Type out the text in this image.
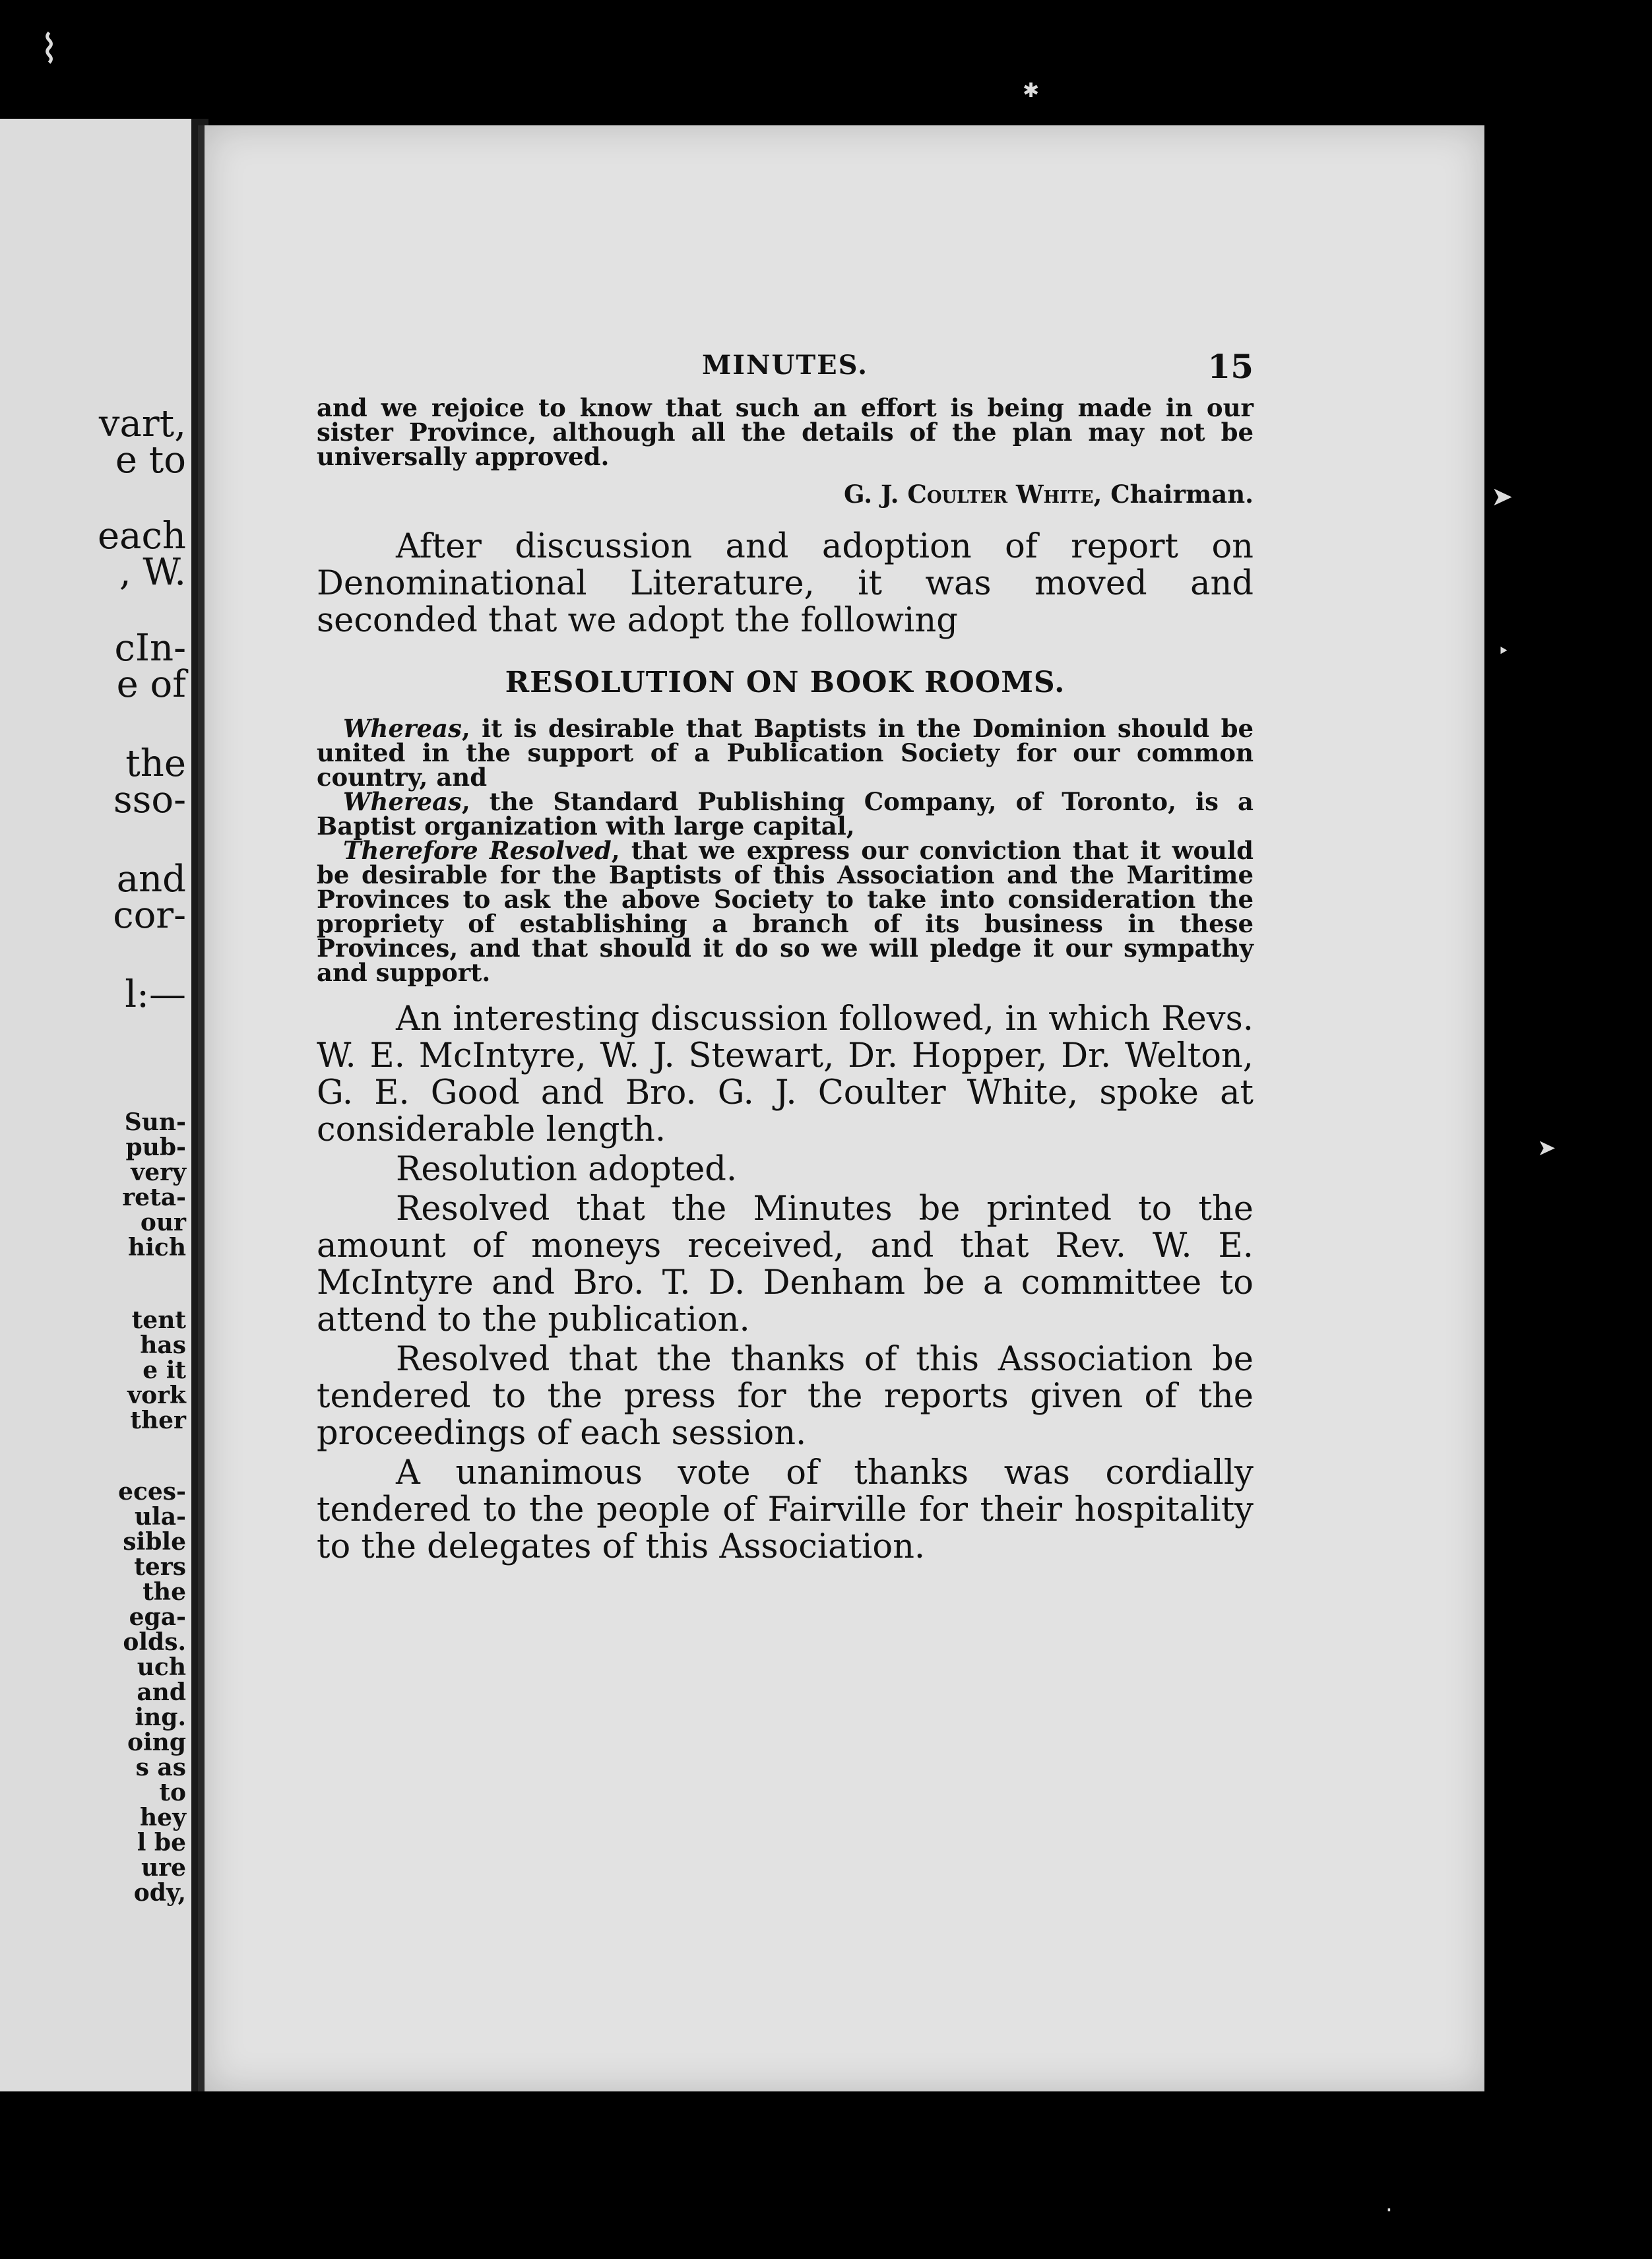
vart,
e to
each
, W.
cIn-
e of
the
sso-
and
cor-
l:—
Sun-
pub-
very
reta-
our
hich
tent
has
e it
vork
ther
eces-
ula-
sible
ters
the
ega-
olds.
uch
and
ing.
oing
s as
to
hey
l be
ure
ody,
MINUTES.	15

and we rejoice to know that such an effort is being made in our sister Province, although all the details of the plan may not be universally approved.

G. J. Coulter White, Chairman.

After discussion and adoption of report on Denominational Literature, it was moved and seconded that we adopt the following

RESOLUTION ON BOOK ROOMS.

Whereas, it is desirable that Baptists in the Dominion should be united in the support of a Publication Society for our common country, and

Whereas, the Standard Publishing Company, of Toronto, is a Baptist organization with large capital,

Therefore Resolved, that we express our conviction that it would be desirable for the Baptists of this Association and the Maritime Provinces to ask the above Society to take into consideration the propriety of establishing a branch of its business in these Provinces, and that should it do so we will pledge it our sympathy and support.

An interesting discussion followed, in which Revs. W. E. McIntyre, W. J. Stewart, Dr. Hopper, Dr. Welton, G. E. Good and Bro. G. J. Coulter White, spoke at considerable length.

Resolution adopted.

Resolved that the Minutes be printed to the amount of moneys received, and that Rev. W. E. McIntyre and Bro. T. D. Denham be a committee to attend to the publication.

Resolved that the thanks of this Association be tendered to the press for the reports given of the proceedings of each session.

A unanimous vote of thanks was cordially tendered to the people of Fairville for their hospitality to the delegates of this Association.

⌇
✱
➤
‣
➤
·
